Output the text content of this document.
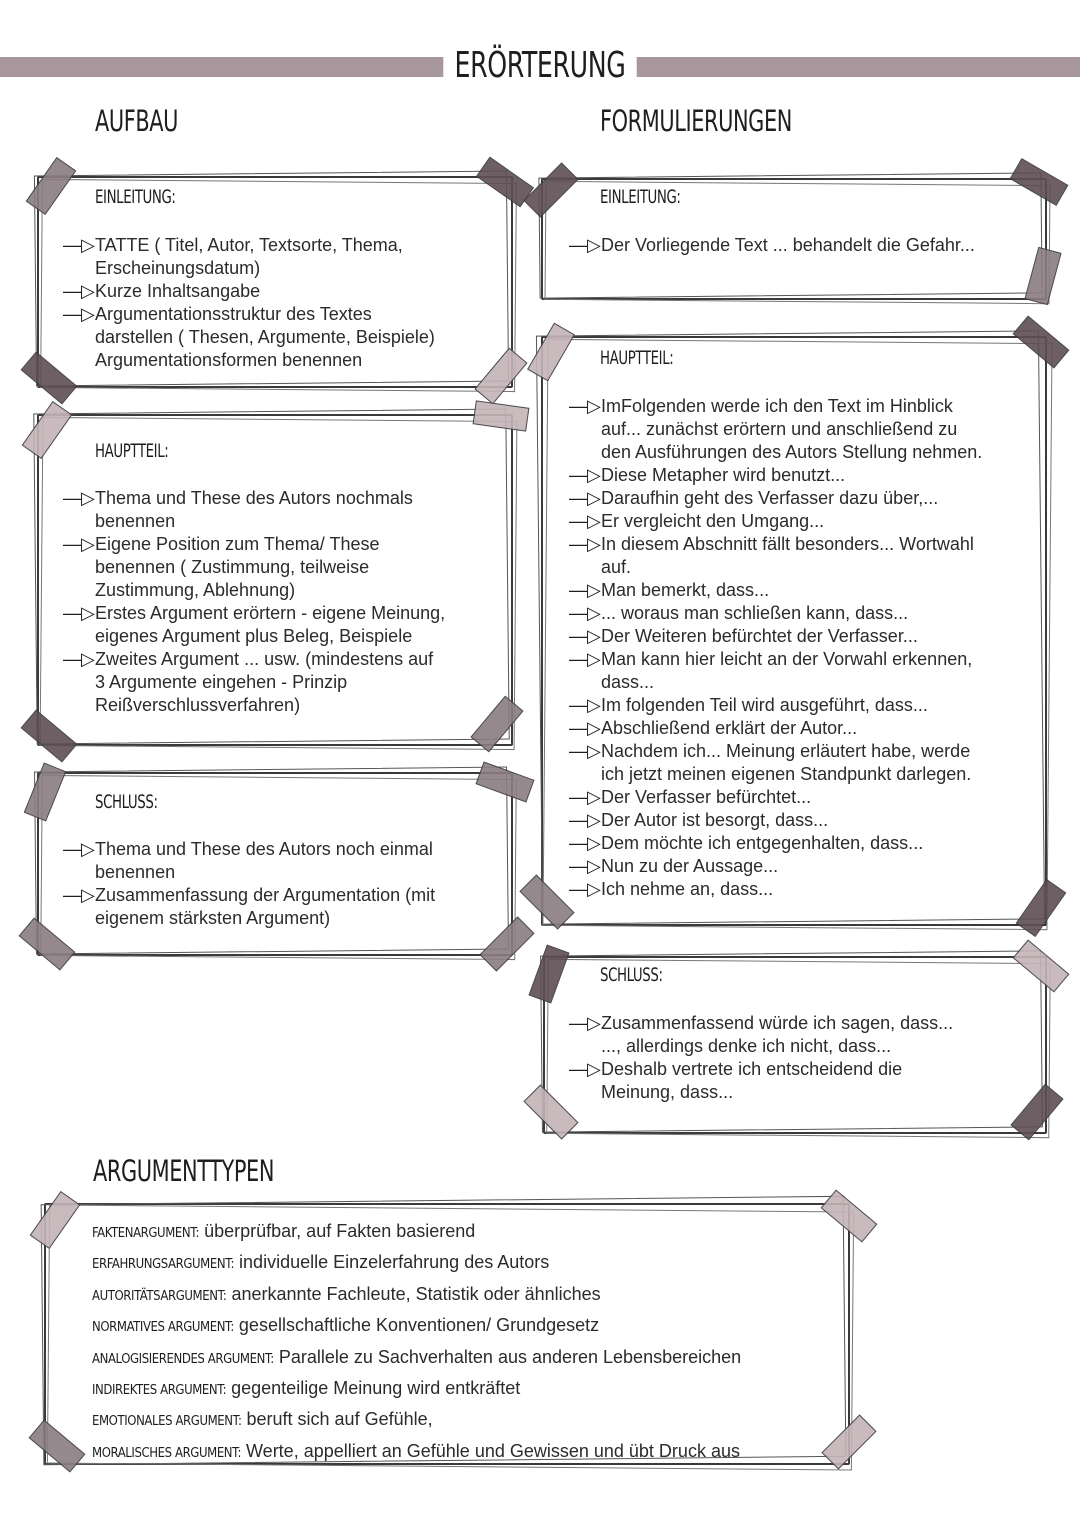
ERÖRTERUNG
AUFBAU	FORMULIERUNGEN
EINLEITUNG:
—▷ TATTE ( Titel, Autor, Textsorte, Thema,
Erscheinungsdatum)
—▷ Kurze Inhaltsangabe
—▷ Argumentationsstruktur des Textes
darstellen ( Thesen, Argumente, Beispiele)
Argumentationsformen benennen
HAUPTTEIL:
—▷ Thema und These des Autors nochmals
benennen
—▷ Eigene Position zum Thema/ These
benennen ( Zustimmung, teilweise
Zustimmung, Ablehnung)
—▷ Erstes Argument erörtern - eigene Meinung,
eigenes Argument plus Beleg, Beispiele
—▷ Zweites Argument ... usw. (mindestens auf
3 Argumente eingehen - Prinzip
Reißverschlussverfahren)
SCHLUSS:
—▷ Thema und These des Autors noch einmal
benennen
—▷ Zusammenfassung der Argumentation (mit
eigenem stärksten Argument)
EINLEITUNG:
—▷ Der Vorliegende Text ... behandelt die Gefahr...
HAUPTTEIL:
—▷ ImFolgenden werde ich den Text im Hinblick
auf... zunächst erörtern und anschließend zu
den Ausführungen des Autors Stellung nehmen.
—▷ Diese Metapher wird benutzt...
—▷ Daraufhin geht des Verfasser dazu über,...
—▷ Er vergleicht den Umgang...
—▷ In diesem Abschnitt fällt besonders... Wortwahl
auf.
—▷ Man bemerkt, dass...
—▷ ... woraus man schließen kann, dass...
—▷ Der Weiteren befürchtet der Verfasser...
—▷ Man kann hier leicht an der Vorwahl erkennen,
dass...
—▷ Im folgenden Teil wird ausgeführt, dass...
—▷ Abschließend erklärt der Autor...
—▷ Nachdem ich... Meinung erläutert habe, werde
ich jetzt meinen eigenen Standpunkt darlegen.
—▷ Der Verfasser befürchtet...
—▷ Der Autor ist besorgt, dass...
—▷ Dem möchte ich entgegenhalten, dass...
—▷ Nun zu der Aussage...
—▷ Ich nehme an, dass...
SCHLUSS:
—▷ Zusammenfassend würde ich sagen, dass...
..., allerdings denke ich nicht, dass...
—▷ Deshalb vertrete ich entscheidend die
Meinung, dass...
ARGUMENTTYPEN
FAKTENARGUMENT: überprüfbar, auf Fakten basierend
ERFAHRUNGSARGUMENT: individuelle Einzelerfahrung des Autors
AUTORITÄTSARGUMENT: anerkannte Fachleute, Statistik oder ähnliches
NORMATIVES ARGUMENT: gesellschaftliche Konventionen/ Grundgesetz
ANALOGISIERENDES ARGUMENT: Parallele zu Sachverhalten aus anderen Lebensbereichen
INDIREKTES ARGUMENT: gegenteilige Meinung wird entkräftet
EMOTIONALES ARGUMENT: beruft sich auf Gefühle,
MORALISCHES ARGUMENT: Werte, appelliert an Gefühle und Gewissen und übt Druck aus
